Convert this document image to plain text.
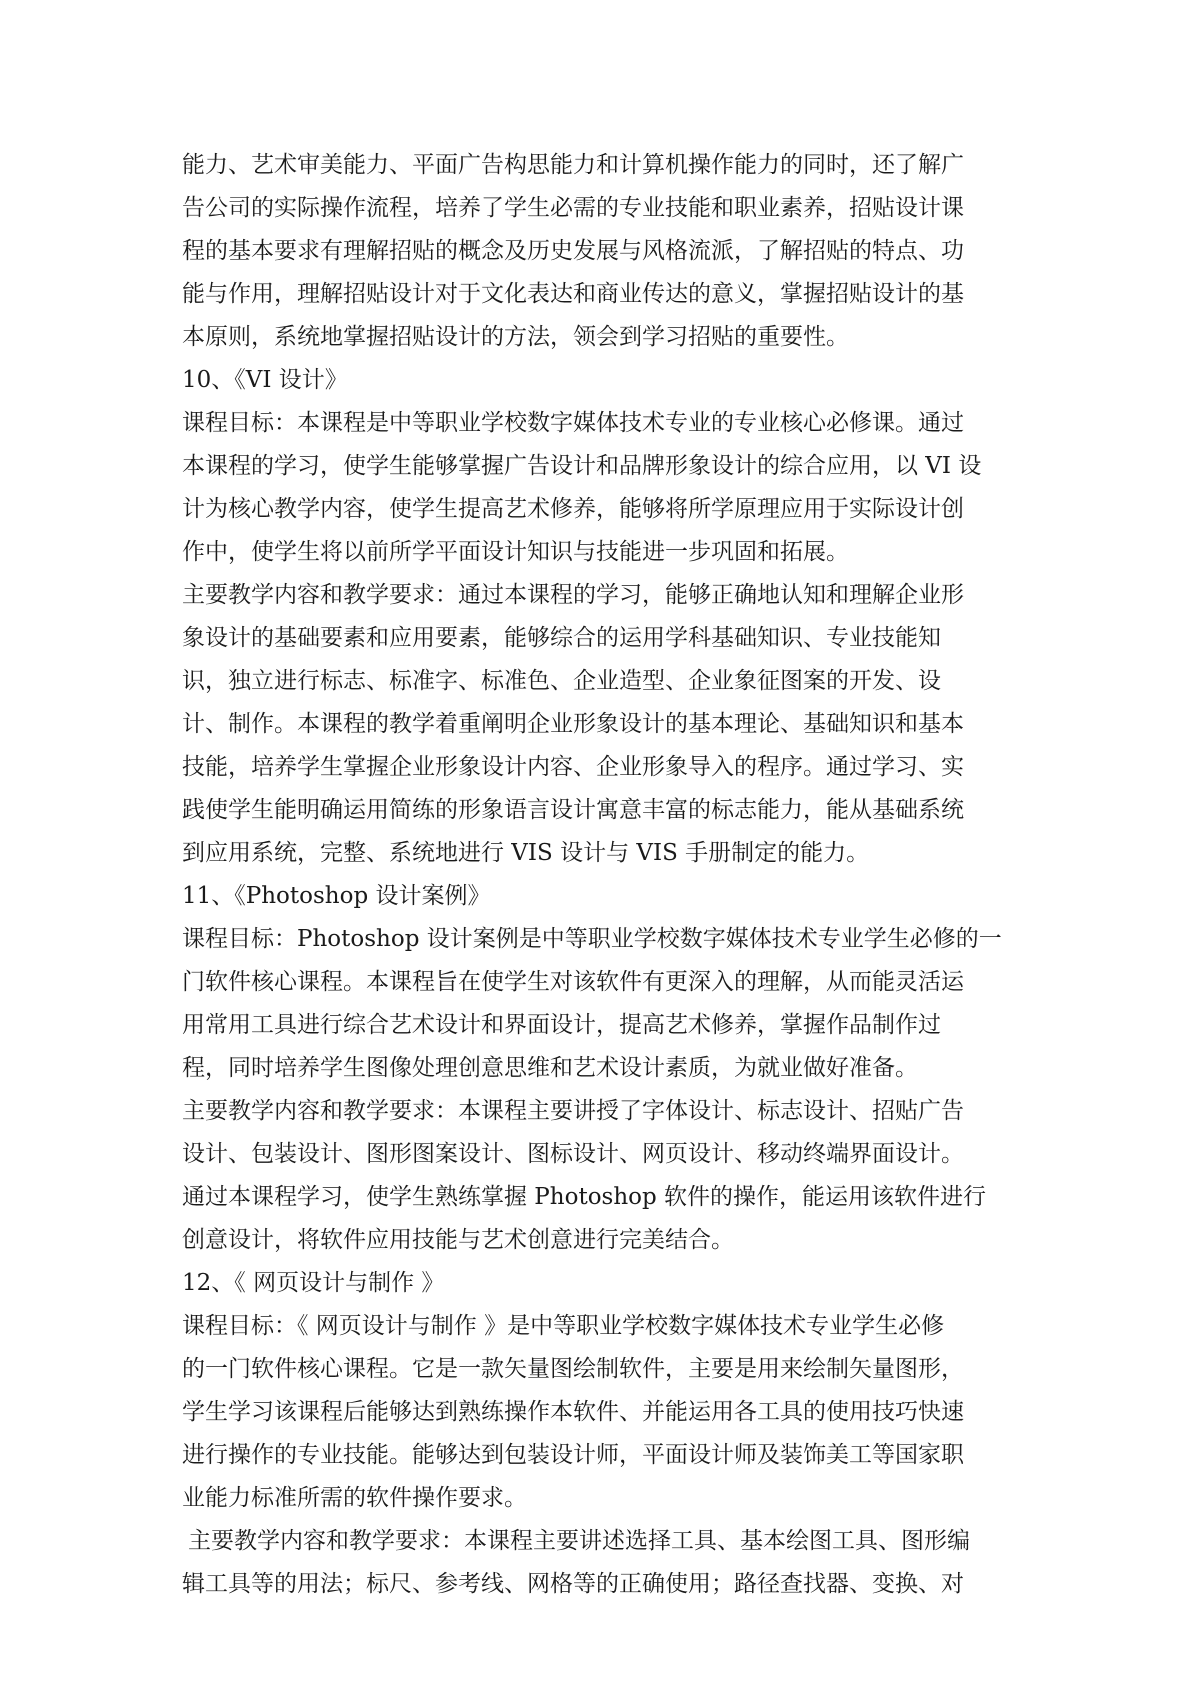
能力、艺术审美能力、平面广告构思能力和计算机操作能力的同时，还了解广
告公司的实际操作流程，培养了学生必需的专业技能和职业素养，招贴设计课
程的基本要求有理解招贴的概念及历史发展与风格流派，了解招贴的特点、功
能与作用，理解招贴设计对于文化表达和商业传达的意义，掌握招贴设计的基
本原则，系统地掌握招贴设计的方法，领会到学习招贴的重要性。
10、《VI 设计》
课程目标：本课程是中等职业学校数字媒体技术专业的专业核心必修课。通过
本课程的学习，使学生能够掌握广告设计和品牌形象设计的综合应用，以 VI 设
计为核心教学内容，使学生提高艺术修养，能够将所学原理应用于实际设计创
作中，使学生将以前所学平面设计知识与技能进一步巩固和拓展。
主要教学内容和教学要求：通过本课程的学习，能够正确地认知和理解企业形
象设计的基础要素和应用要素，能够综合的运用学科基础知识、专业技能知
识，独立进行标志、标准字、标准色、企业造型、企业象征图案的开发、设
计、制作。本课程的教学着重阐明企业形象设计的基本理论、基础知识和基本
技能，培养学生掌握企业形象设计内容、企业形象导入的程序。通过学习、实
践使学生能明确运用简练的形象语言设计寓意丰富的标志能力，能从基础系统
到应用系统，完整、系统地进行 VIS 设计与 VIS 手册制定的能力。
11、《Photoshop 设计案例》
课程目标：Photoshop 设计案例是中等职业学校数字媒体技术专业学生必修的一
门软件核心课程。本课程旨在使学生对该软件有更深入的理解，从而能灵活运
用常用工具进行综合艺术设计和界面设计，提高艺术修养，掌握作品制作过
程，同时培养学生图像处理创意思维和艺术设计素质，为就业做好准备。
主要教学内容和教学要求：本课程主要讲授了字体设计、标志设计、招贴广告
设计、包装设计、图形图案设计、图标设计、网页设计、移动终端界面设计。
通过本课程学习，使学生熟练掌握 Photoshop 软件的操作，能运用该软件进行
创意设计，将软件应用技能与艺术创意进行完美结合。
12、《 网页设计与制作 》
课程目标：《 网页设计与制作 》是中等职业学校数字媒体技术专业学生必修
的一门软件核心课程。它是一款矢量图绘制软件，主要是用来绘制矢量图形，
学生学习该课程后能够达到熟练操作本软件、并能运用各工具的使用技巧快速
进行操作的专业技能。能够达到包装设计师，平面设计师及装饰美工等国家职
业能力标准所需的软件操作要求。
主要教学内容和教学要求：本课程主要讲述选择工具、基本绘图工具、图形编
辑工具等的用法；标尺、参考线、网格等的正确使用；路径查找器、变换、对
